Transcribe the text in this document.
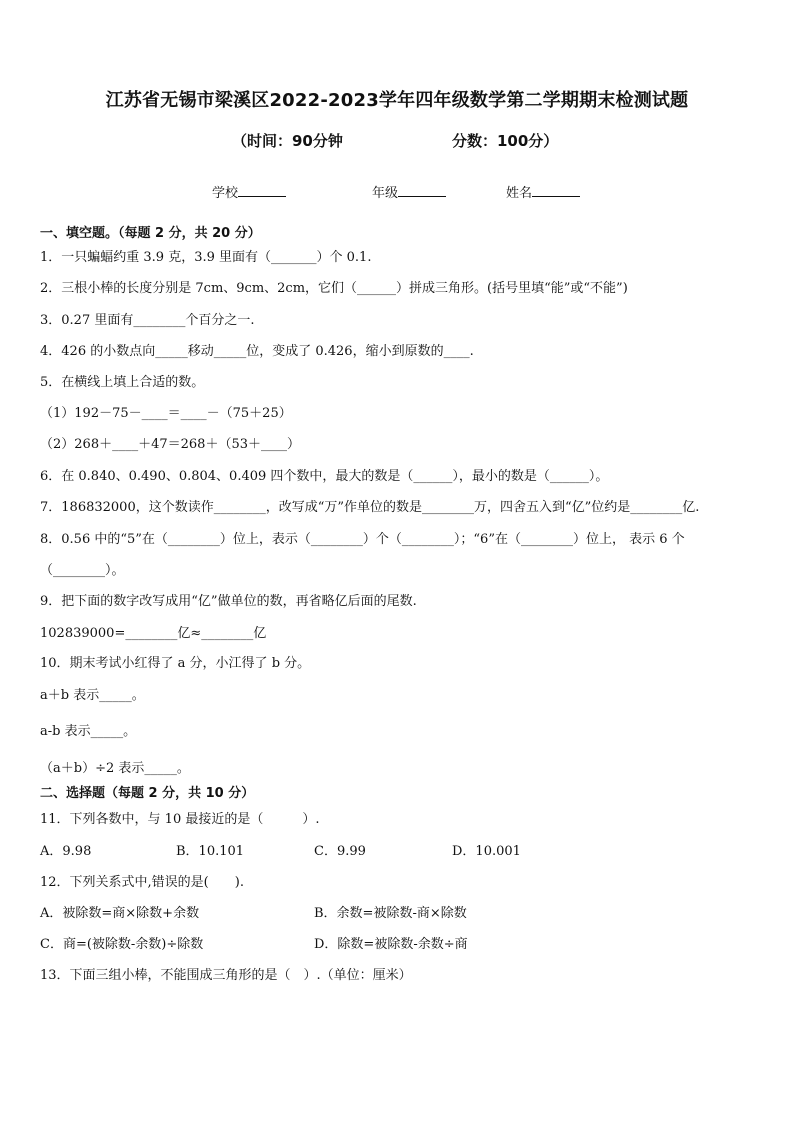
江苏省无锡市梁溪区2022-2023学年四年级数学第二学期期末检测试题
（时间：90分钟	分数：100分）
学校	年级	姓名
一、填空题。（每题 2 分，共 20 分）
1．一只蝙蝠约重 3.9 克，3.9 里面有（_______）个 0.1.
2．三根小棒的长度分别是 7cm、9cm、2cm，它们（______）拼成三角形。(括号里填“能”或“不能”)
3．0.27 里面有________个百分之一.
4．426 的小数点向_____移动_____位，变成了 0.426，缩小到原数的____.
5．在横线上填上合适的数。
（1）192－75－____＝____－（75＋25）
（2）268＋____＋47＝268＋（53＋____）
6．在 0.840、0.490、0.804、0.409 四个数中，最大的数是（______），最小的数是（______）。
7．186832000，这个数读作________，改写成“万”作单位的数是________万，四舍五入到“亿”位约是________亿.
8．0.56 中的“5”在（________）位上，表示（________）个（________）；“6”在（________）位上， 表示 6 个
（________）。
9．把下面的数字改写成用“亿”做单位的数，再省略亿后面的尾数.
102839000=________亿≈________亿
10．期末考试小红得了 a 分，小江得了 b 分。
a＋b 表示_____。
a-b 表示_____。
（a＋b）÷2 表示_____。
二、选择题（每题 2 分，共 10 分）
11．下列各数中，与 10 最接近的是（　　　）.
A．9.98	B．10.101	C．9.99	D．10.001
12．下列关系式中,错误的是(　　).
A．被除数=商×除数+余数	B．余数=被除数-商×除数
C．商=(被除数-余数)÷除数	D．除数=被除数-余数÷商
13．下面三组小棒，不能围成三角形的是（　）.（单位：厘米）
